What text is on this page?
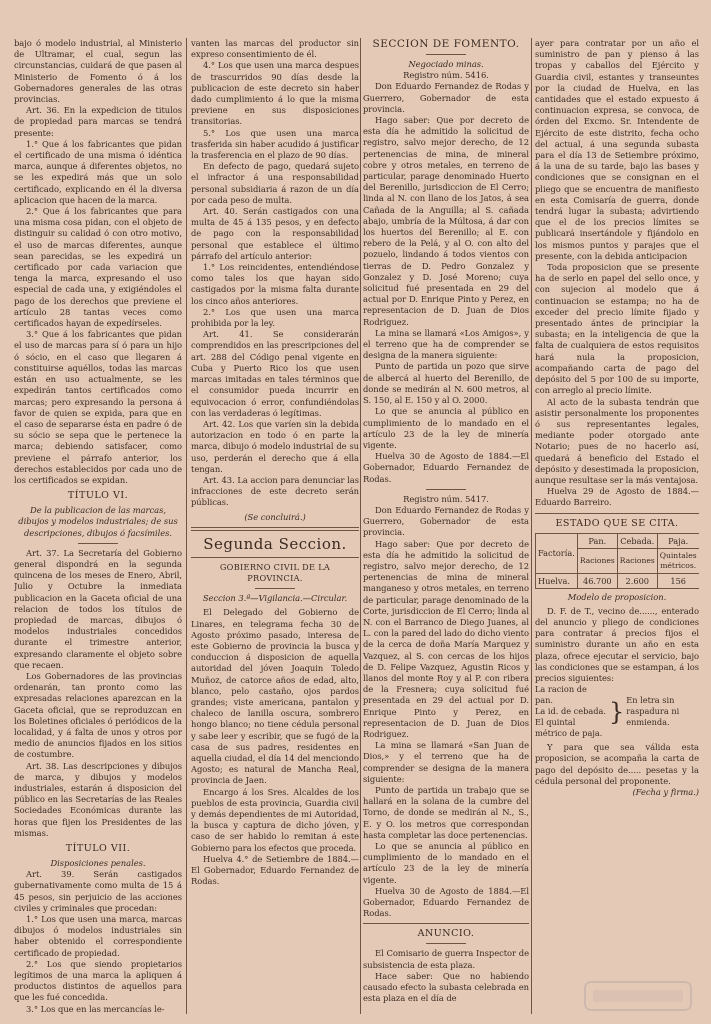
bajo ó modelo industrial, al Ministerio de Ultramar, el cual, segun las circunstancias, cuidará de que pasen al Ministerio de Fomento ó á los Gobernadores generales de las otras provincias.

Art. 36. En la expedicion de titulos de propiedad para marcas se tendrá presente:

1.° Que á los fabricantes que pidan el certificado de una misma ó idéntica marca, aunque á diferentes objetos, no se les expedirá más que un solo certificado, explicando en él la diversa aplicacion que hacen de la marca.

2.° Que á los fabricantes que para una misma cosa pidan, con el objeto de distinguir su calidad ó con otro motivo, el uso de marcas diferentes, aunque sean parecidas, se les expedirá un certificado por cada variacion que tenga la marca, expresando el uso especial de cada una, y exigiéndoles el pago de los derechos que previene el artículo 28 tantas veces como certificados hayan de expedírseles.

3.° Que á los fabricantes que pidan el uso de marcas para sí ó para un hijo ó sócio, en el caso que llegaren á constituirse aquéllos, todas las marcas están en uso actualmente, se les expedirán tantos certificados como marcas; pero expresando la persona á favor de quien se expida, para que en el caso de separarse ésta en padre ó de su sócio se sepa que le pertenece la marca; debiendo satisfacer, como previene el párrafo anterior, los derechos establecidos por cada uno de los certificados se expidan.

TÍTULO VI.

De la publicacion de las marcas, dibujos y modelos industriales; de sus descripciones, dibujos ó facsímiles.

Art. 37. La Secretaría del Gobierno general dispondrá en la segunda quincena de los meses de Enero, Abril, Julio y Octubre la inmediata publicacion en la Gaceta oficial de una relacion de todos los títulos de propiedad de marcas, dibujos ó modelos industriales concedidos durante el trimestre anterior, expresando claramente el objeto sobre que recaen.

Los Gobernadores de las provincias ordenarán, tan pronto como las expresadas relaciones aparezcan en la Gaceta oficial, que se reproduzcan en los Boletines oficiales ó periódicos de la localidad, y á falta de unos y otros por medio de anuncios fijados en los sitios de costumbre.

Art. 38. Las descripciones y dibujos de marca, y dibujos y modelos industriales, estarán á disposicion del público en las Secretarías de las Reales Sociedades Económicas durante las horas que fijen los Presidentes de las mismas.

TÍTULO VII.

Disposiciones penales.

Art. 39. Serán castigados gubernativamente como multa de 15 á 45 pesos, sin perjuicio de las acciones civiles y criminales que procedan:

1.° Los que usen una marca, marcas dibujos ó modelos industriales sin haber obtenido el correspondiente certificado de propiedad.

2.° Los que siendo propietarios legítimos de una marca la apliquen á productos distintos de aquellos para que les fué concedida.

3.° Los que en las mercancías le-

vanten las marcas del productor sin expreso consentimiento de él.

4.° Los que usen una marca despues de trascurridos 90 días desde la publicacion de este decreto sin haber dado cumplimiento á lo que la misma previene en sus disposiciones transitorias.

5.° Los que usen una marca trasferida sin haber acudido á justificar la trasferencia en el plazo de 90 días.

En defecto de pago, quedará sujeto el infractor á una responsabilidad personal subsidiaria á razon de un día por cada peso de multa.

Art. 40. Serán castigados con una multa de 45 á 135 pesos, y en defecto de pago con la responsabilidad personal que establece el último párrafo del artículo anterior:

1.° Los reincidentes, entendiéndose como tales los que hayan sido castigados por la misma falta durante los cinco años anteriores.

2.° Los que usen una marca prohibida por la ley.

Art. 41. Se considerarán comprendidos en las prescripciones del art. 288 del Código penal vigente en Cuba y Puerto Rico los que usen marcas imitadas en tales términos que el consumidor pueda incurrir en equivocacion ó error, confundiéndolas con las verdaderas ó legítimas.

Art. 42. Los que varíen sin la debida autorizacion en todo ó en parte la marca, dibujo ó modelo industrial de su uso, perderán el derecho que á ella tengan.

Art. 43. La accion para denunciar las infracciones de este decreto serán públicas.

(Se concluirá.)

Segunda Seccion.

GOBIERNO CIVIL DE LA PROVINCIA.

Seccion 3.ª—Vigilancia.—Circular.

El Delegado del Gobierno de Linares, en telegrama fecha 30 de Agosto próximo pasado, interesa de este Gobierno de provincia la busca y conduccion á disposicion de aquella autoridad del jóven Joaquin Toledo Muñoz, de catorce años de edad, alto, blanco, pelo castaño, ojos pardos grandes; viste americana, pantalon y chaleco de lanilla oscura, sombrero hongo blanco; no tiene cédula personal y sabe leer y escribir, que se fugó de la casa de sus padres, residentes en aquella ciudad, el día 14 del menciondo Agosto; es natural de Mancha Real, provincia de Jaen.

Encargo á los Sres. Alcaldes de los pueblos de esta provincia, Guardia civil y demás dependientes de mi Autoridad, la busca y captura de dicho jóven, y caso de ser habido lo remitan á este Gobierno para los efectos que proceda.

Huelva 4.° de Setiembre de 1884.—El Gobernador, Eduardo Fernandez de Rodas.

SECCION DE FOMENTO.

Negociado minas.

Registro núm. 5416.

Don Eduardo Fernandez de Rodas y Guerrero, Gobernador de esta provincia.

Hago saber: Que por decreto de esta día he admitido la solicitud de registro, salvo mejor derecho, de 12 pertenencias de mina, de mineral cobre y otros metales, en terreno de particular, parage denominado Huerto del Berenillo, jurisdiccion de El Cerro; linda al N. con llano de los Jatos, á sea Cañada de la Anguilla; al S. cañada abajo, umbría de la Múltosa, á dar con los huertos del Berenillo; al E. con rebero de la Pelá, y al O. con alto del pozuelo, lindando á todos vientos con tierras de D. Pedro Gonzalez y Gonzalez y D. José Moreno; cuya solicitud fué presentada en 29 del actual por D. Enrique Pinto y Perez, en representacion de D. Juan de Dios Rodriguez.

La mina se llamará «Los Amigos», y el terreno que ha de comprender se designa de la manera siguiente:

Punto de partida un pozo que sirve de albercá al huerto del Berenillo, de donde se medirán al N. 600 metros, al S. 150, al E. 150 y al O. 2000.

Lo que se anuncia al público en cumplimiento de lo mandado en el artículo 23 de la ley de minería vigente.

Huelva 30 de Agosto de 1884.—El Gobernador, Eduardo Fernandez de Rodas.

Registro núm. 5417.

Don Eduardo Fernandez de Rodas y Guerrero, Gobernador de esta provincia.

Hago saber: Que por decreto de esta día he admitido la solicitud de registro, salvo mejor derecho, de 12 pertenencias de mina de mineral manganeso y otros metales, en terreno de particular, parage denominado de la Corte, jurisdiccion de El Cerro; linda al N. con el Barranco de Diego Juanes, al L. con la pared del lado do dicho viento de la cerca de doña María Marquez y Vazquez, al S. con cercas de los hijos de D. Felipe Vazquez, Agustin Ricos y llanos del monte Roy y al P. con ribera de la Fresnera; cuya solicitud fué presentada en 29 del actual por D. Enrique Pinto y Perez, en representacion de D. Juan de Dios Rodriguez.

La mina se llamará «San Juan de Dios,» y el terreno que ha de comprender se designa de la manera siguiente:

Punto de partida un trabajo que se hallará en la solana de la cumbre del Torno, de donde se medirán al N., S., E. y O. los metros que correspondan hasta completar las doce pertenencias.

Lo que se anuncia al público en cumplimiento de lo mandado en el artículo 23 de la ley de minería vigente.

Huelva 30 de Agosto de 1884.—El Gobernador, Eduardo Fernandez de Rodas.

ANUNCIO.

El Comisario de guerra Inspector de subsistencia de esta plaza.

Hace saber: Que no habiendo causado efecto la subasta celebrada en esta plaza en el día de

ayer para contratar por un año el suministro de pan y pienso á las tropas y caballos del Ejército y Guardia civil, estantes y transeuntes por la ciudad de Huelva, en las cantidades que el estado expuesto á continuacion expresa, se convoca, de órden del Excmo. Sr. Intendente de Ejército de este distrito, fecha ocho del actual, á una segunda subasta para el día 13 de Setiembre próximo, á la una de su tarde, bajo las bases y condiciones que se consignan en el pliego que se encuentra de manifiesto en esta Comisaría de guerra, donde tendrá lugar la subasta; advirtiendo que el de los precios límites se publicará insertándole y fijándolo en los mismos puntos y parajes que el presente, con la debida anticipacion

Toda proposicion que se presente ha de serlo en papel del sello once, y con sujecion al modelo que á continuacion se estampa; no ha de exceder del precio límite fijado y presentado ántes de principiar la subasta; en la inteligencia de que la falta de cualquiera de estos requisitos hará nula la proposicion, acompañando carta de pago del depósito del 5 por 100 de su importe, con arreglo al precio límite.

Al acto de la subasta tendrán que asistir personalmente los proponentes ó sus representantes legales, mediante poder otorgado ante Notario; pues de no hacerlo así, quedará á beneficio del Estado el depósito y desestimada la proposicion, aunque resultase ser la más ventajosa.

Huelva 29 de Agosto de 1884.—Eduardo Barreiro.

ESTADO QUE SE CITA.
Factoría.	Pan.	Cebada.	Paja.
	Raciones	Raciones	Quintales métricos.
Huelva.	46.700	2.600	156

Modelo de proposicion.

D. F. de T., vecino de......, enterado del anuncio y pliego de condiciones para contratar á precios fijos el suministro durante un año en esta plaza, ofrece ejecutar el servicio, bajo las condiciones que se estampan, á los precios siguientes:

La racion de pan.
La id. de cebada.
El quintal métrico de paja.
} En letra sin raspadura ni enmienda.

Y para que sea válida esta proposicion, se acompaña la carta de pago del depósito de..... pesetas y la cédula personal del proponente.

(Fecha y firma.)
